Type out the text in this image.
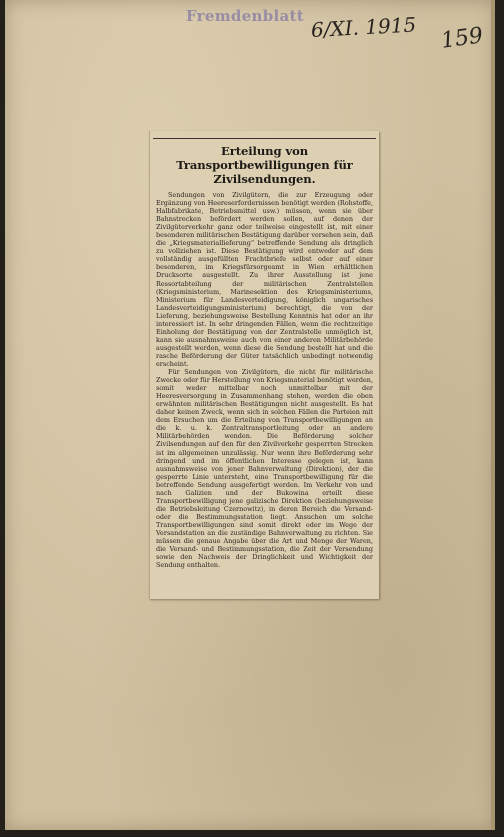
Fremdenblatt 6/XI. 1915 159
Erteilung von Transportbewilligungen für Zivilsendungen.

Sendungen von Zivilgütern, die zur Erzeugung oder Ergänzung von Heereserfordernissen benötigt werden (Rohstoffe, Halbfabrikate, Betriebsmittel usw.) müssen, wenn sie über Bahnstrecken befördert werden sollen, auf denen der Zivilgüterverkehr ganz oder teilweise eingestellt ist, mit einer besonderen militärischen Bestätigung darüber versehen sein, daß die „Kriegsmateriallieferung“ betreffende Sendung als dringlich zu vollziehen ist. Diese Bestätigung wird entweder auf dem vollständig ausgefüllten Frachtbriefe selbst oder auf einer besonderen, im Kriegsfürsorgeamt in Wien erhältlichen Drucksorte ausgestellt. Zu ihrer Ausstellung ist jene Ressortabteilung der militärischen Zentralstellen (Kriegsministerium, Marinesektion des Kriegsministeriums, Ministerium für Landesverteidigung, königlich ungarisches Landesverteidigungsministerium) berechtigt, die von der Lieferung, beziehungsweise Bestellung Kenntnis hat oder an ihr interessiert ist. In sehr dringenden Fällen, wenn die rechtzeitige Einholung der Bestätigung von der Zentralstelle unmöglich ist, kann sie ausnahmsweise auch von einer anderen Militärbehörde ausgestellt werden, wenn diese die Sendung bestellt hat und die rasche Beförderung der Güter tatsächlich unbedingt notwendig erscheint.

Für Sendungen von Zivilgütern, die nicht für militärische Zwecke oder für Herstellung von Kriegsmaterial benötigt werden, somit weder mittelbar noch unmittelbar mit der Heeresversorgung in Zusammenhang stehen, werden die oben erwähnten militärischen Bestätigungen nicht ausgestellt. Es hat daher keinen Zweck, wenn sich in solchen Fällen die Parteien mit dem Ersuchen um die Erteilung von Transportbewilligungen an die k. u. k. Zentraltransportleitung oder an andere Militärbehörden wenden. Die Beförderung solcher Zivilsendungen auf den für den Zivilverkehr gesperrten Strecken ist im allgemeinen unzulässig. Nur wenn ihre Beförderung sehr dringend und im öffentlichen Interesse gelegen ist, kann ausnahmsweise von jener Bahnverwaltung (Direktion), der die gesperrte Linie untersteht, eine Transportbewilligung für die betreffende Sendung ausgefertigt werden. Im Verkehr von und nach Galizien und der Bukowina erteilt diese Transportbewilligung jene galizische Direktion (beziehungsweise die Betriebsleitung Czernowitz), in deren Bereich die Versand- oder die Bestimmungsstation liegt. Ansuchen um solche Transportbewilligungen sind somit direkt oder im Wege der Versandstation an die zuständige Bahnverwaltung zu richten. Sie müssen die genaue Angabe über die Art und Menge der Waren, die Versand- und Bestimmungsstation, die Zeit der Versendung sowie den Nachweis der Dringlichkeit und Wichtigkeit der Sendung enthalten.
